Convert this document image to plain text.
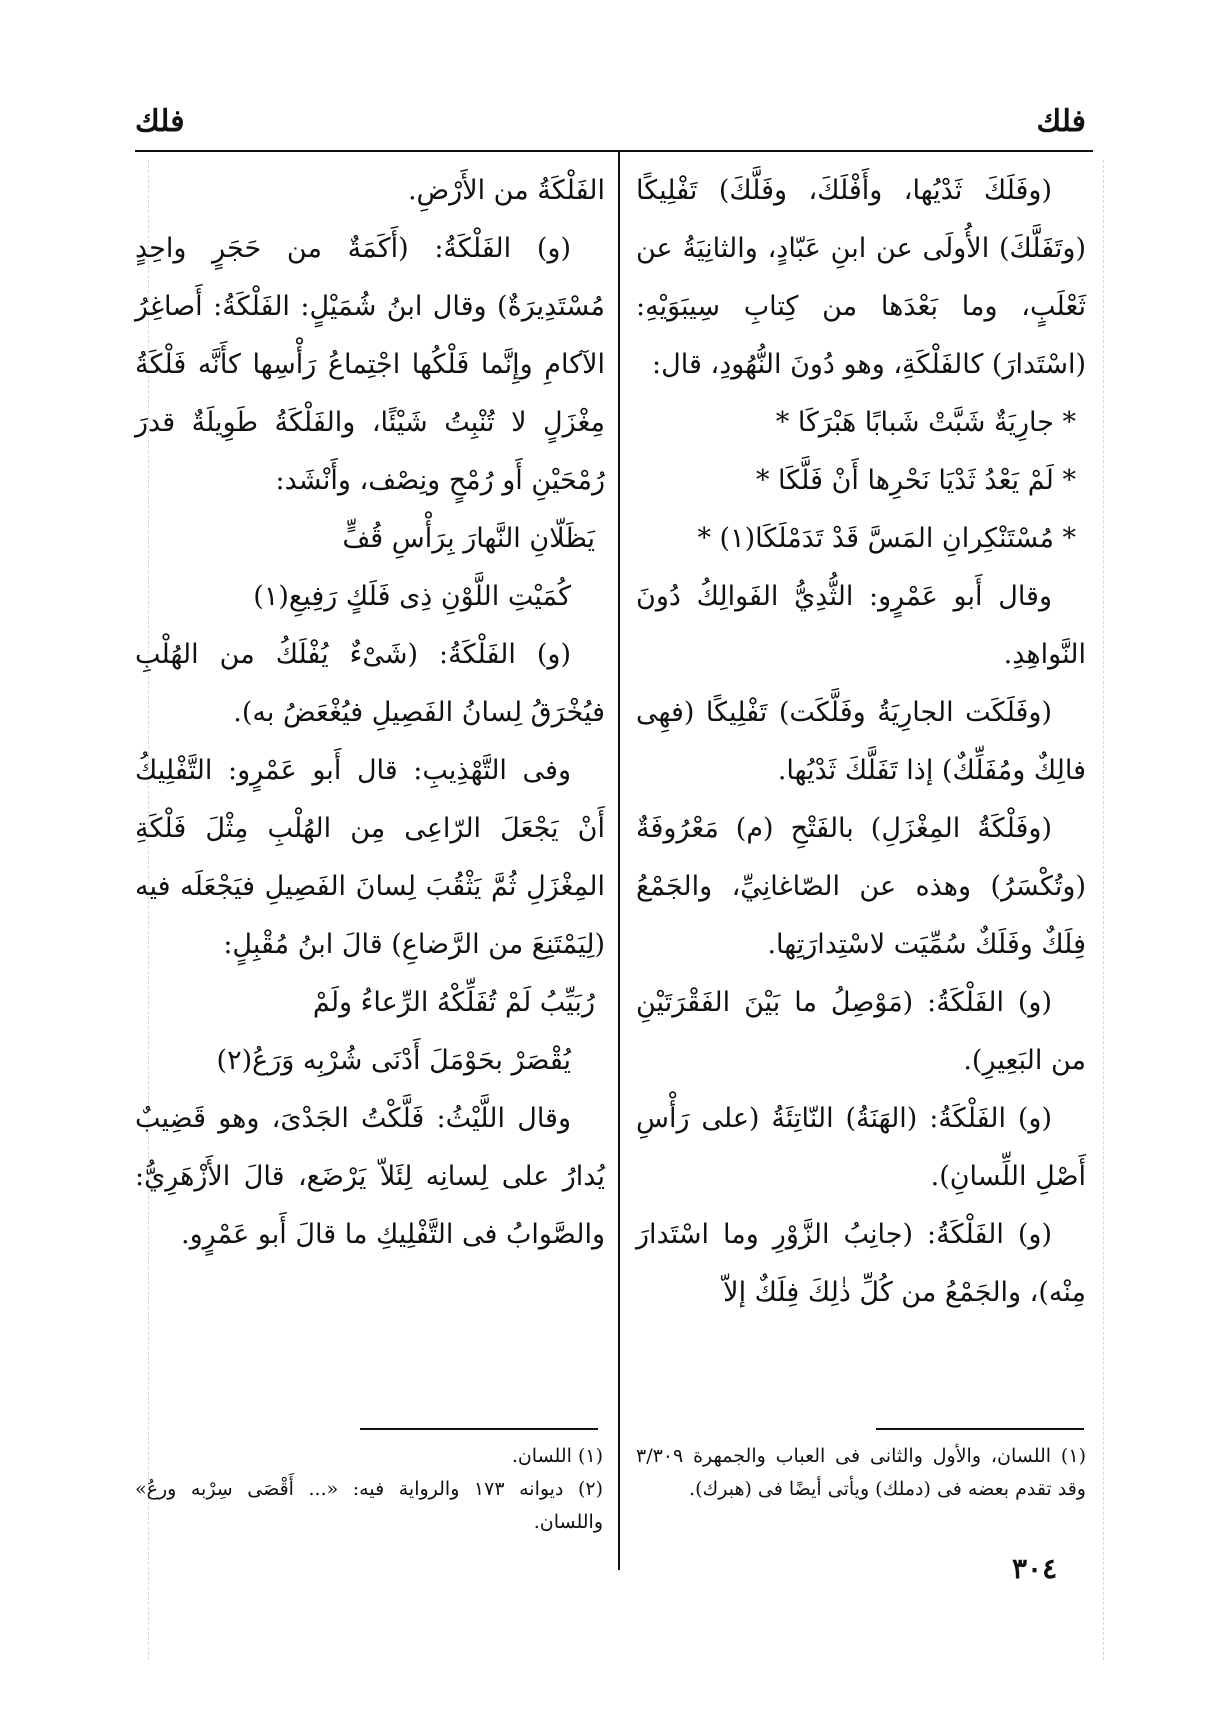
فلك
فلك

(وفَلَكَ ثَدْيُها، وأَفْلَكَ، وفَلَّكَ) تَفْلِيكًا (وتَفَلَّكَ) الأُولَى عن ابنِ عَبّادٍ، والثانِيَةُ عن ثَعْلَبٍ، وما بَعْدَها من كِتابِ سِيبَوَيْهِ: (اسْتَدارَ) كالفَلْكَةِ، وهو دُونَ النُّهُودِ، قال:

* جارِيَةٌ شَبَّتْ شَبابًا هَبْرَكَا *

* لَمْ يَعْدُ ثَدْيَا نَحْرِها أَنْ فَلَّكَا *

* مُسْتَنْكِرانِ المَسَّ قَدْ تَدَمْلَكَا(١) *

وقال أَبو عَمْرٍو: الثُّدِيُّ الفَوالِكُ دُونَ النَّواهِدِ.

(وفَلَكَت الجارِيَةُ وفَلَّكَت) تَفْلِيكًا (فهِى فالِكٌ ومُفَلِّكٌ) إذا تَفَلَّكَ ثَدْيُها.

(وفَلْكَةُ المِغْزَلِ) بالفَتْحِ (م) مَعْرُوفَةٌ (وتُكْسَرُ) وهذه عن الصّاغانِيِّ، والجَمْعُ فِلَكٌ وفَلَكٌ سُمِّيَت لاسْتِدارَتِها.

(و) الفَلْكَةُ: (مَوْصِلُ ما بَيْنَ الفَقْرَتَيْنِ من البَعِيرِ).

(و) الفَلْكَةُ: (الهَنَةُ) النّاتِئَةُ (على رَأْسِ أَصْلِ اللِّسانِ).

(و) الفَلْكَةُ: (جانِبُ الزَّوْرِ وما اسْتَدارَ مِنْه)، والجَمْعُ من كُلِّ ذٰلِكَ فِلَكٌ إلاّ

الفَلْكَةُ من الأَرْضِ.

(و) الفَلْكَةُ: (أَكَمَةٌ من حَجَرٍ واحِدٍ مُسْتَدِيرَةٌ) وقال ابنُ شُمَيْلٍ: الفَلْكَةُ: أَصاغِرُ الآكامِ وإِنَّما فَلْكُها اجْتِماعُ رَأْسِها كأَنَّه فَلْكَةُ مِغْزَلٍ لا تُنْبِتُ شَيْئًا، والفَلْكَةُ طَوِيلَةٌ قدرَ رُمْحَيْنِ أَو رُمْحٍ ونِصْف، وأَنْشَد:

يَظَلّانِ النَّهارَ بِرَأْسِ قُفٍّ

كُمَيْتِ اللَّوْنِ ذِى فَلَكٍ رَفِيعِ(١)

(و) الفَلْكَةُ: (شَىْءٌ يُفْلَكُ من الهُلْبِ فيُخْرَقُ لِسانُ الفَصِيلِ فيُغْعَضُ به).

وفى التَّهْذِيبِ: قال أَبو عَمْرٍو: التَّفْلِيكُ أَنْ يَجْعَلَ الرّاعِى مِن الهُلْبِ مِثْلَ فَلْكَةِ المِغْزَلِ ثُمَّ يَثْقُبَ لِسانَ الفَصِيلِ فيَجْعَلَه فيه (لِيَمْتَنِعَ من الرَّضاعِ) قالَ ابنُ مُقْبِلٍ:

رُبَيِّبُ لَمْ تُفَلِّكْهُ الرِّعاءُ ولَمْ

يُقْصَرْ بحَوْمَلَ أَدْنَى شُرْبِه وَرَعُ(٢)

وقال اللَّيْثُ: فَلَّكْتُ الجَدْىَ، وهو قَضِيبٌ يُدارُ على لِسانِه لِئَلاّ يَرْضَع، قالَ الأَزْهَرِيُّ: والصَّوابُ فى التَّفْلِيكِ ما قالَ أَبو عَمْرٍو.

(١) اللسان، والأول والثانى فى العباب والجمهرة ٣/٣٠٩ وقد تقدم بعضه فى (دملك) ويأتى أيضًا فى (هبرك).

(١) اللسان.

(٢) ديوانه ١٧٣ والرواية فيه: «... أَقْصَى سِرْبه ورعُ» واللسان.

٣٠٤
